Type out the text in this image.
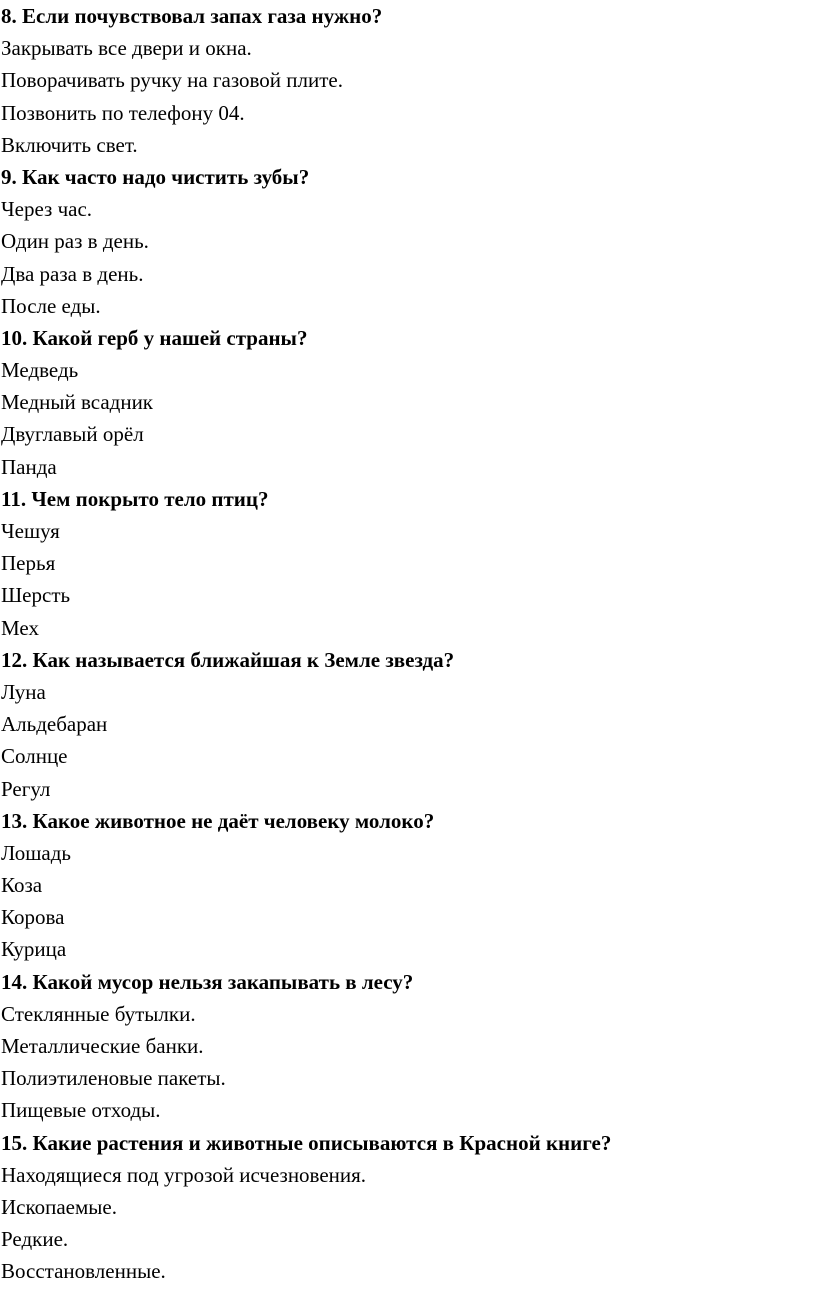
8. Если почувствовал запах газа нужно?
Закрывать все двери и окна.
Поворачивать ручку на газовой плите.
Позвонить по телефону 04.
Включить свет.
9. Как часто надо чистить зубы?
Через час.
Один раз в день.
Два раза в день.
После еды.
10. Какой герб у нашей страны?
Медведь
Медный всадник
Двуглавый орёл
Панда
11. Чем покрыто тело птиц?
Чешуя
Перья
Шерсть
Мех
12. Как называется ближайшая к Земле звезда?
Луна
Альдебаран
Солнце
Регул
13. Какое животное не даёт человеку молоко?
Лошадь
Коза
Корова
Курица
14. Какой мусор нельзя закапывать в лесу?
Стеклянные бутылки.
Металлические банки.
Полиэтиленовые пакеты.
Пищевые отходы.
15. Какие растения и животные описываются в Красной книге?
Находящиеся под угрозой исчезновения.
Ископаемые.
Редкие.
Восстановленные.
